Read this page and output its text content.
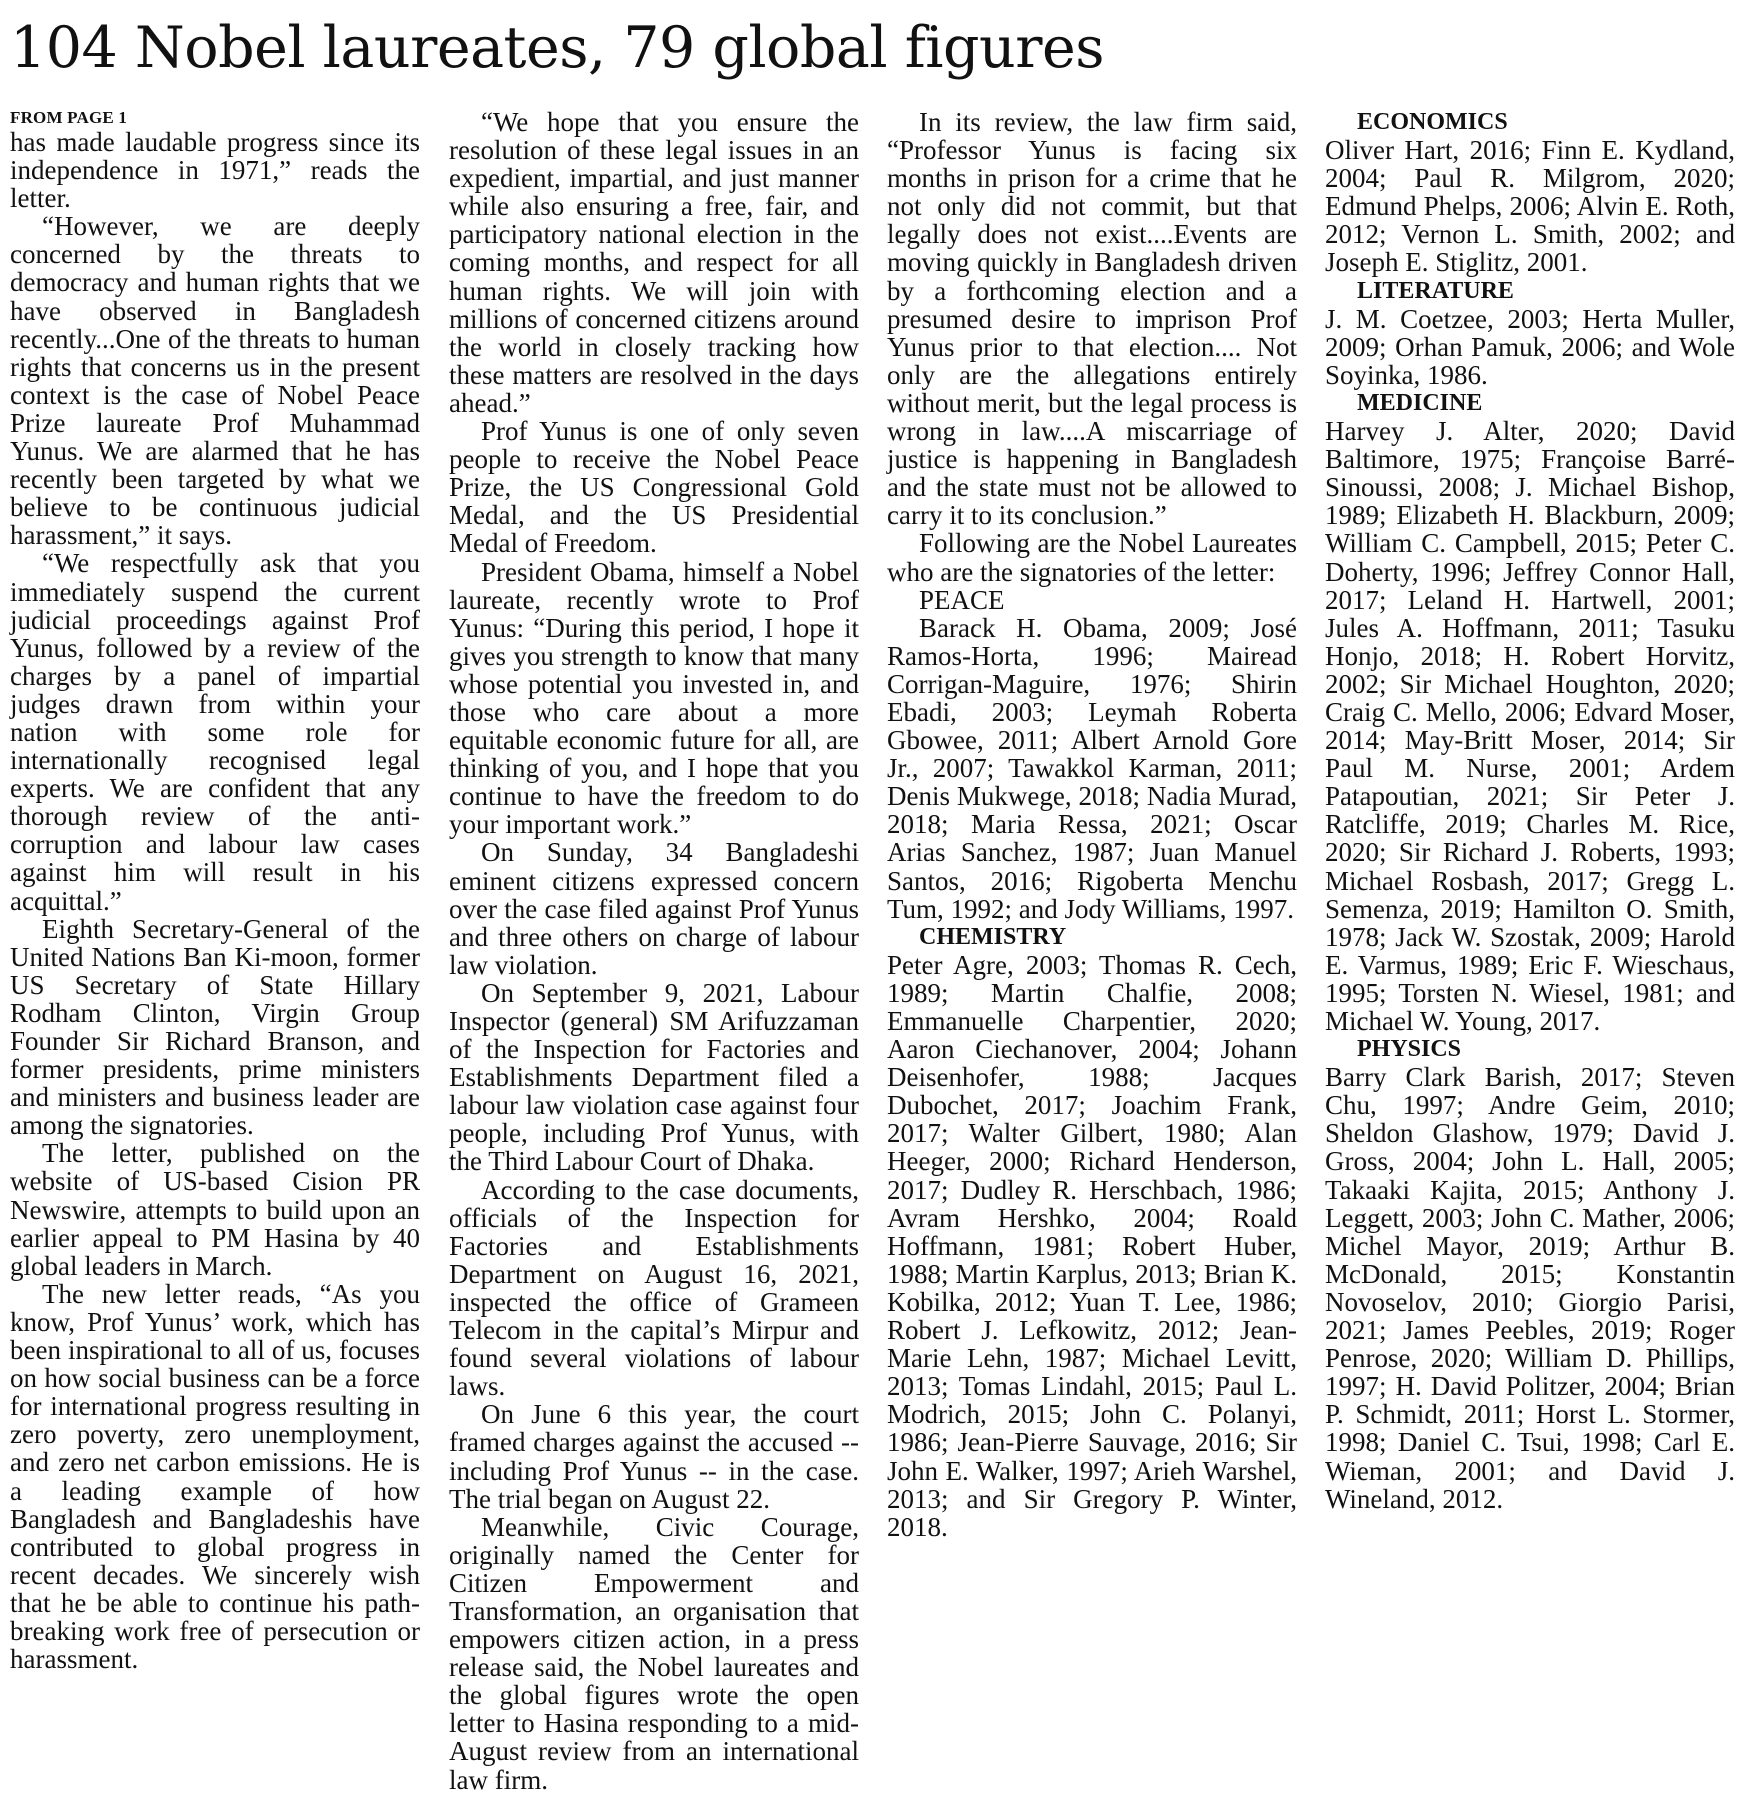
104 Nobel laureates, 79 global figures
FROM PAGE 1

has made laudable progress since its independence in 1971,” reads the letter.

“However, we are deeply concerned by the threats to democracy and human rights that we have observed in Bangladesh recently...One of the threats to human rights that concerns us in the present context is the case of Nobel Peace Prize laureate Prof Muhammad Yunus. We are alarmed that he has recently been targeted by what we believe to be continuous judicial harassment,” it says.

“We respectfully ask that you immediately suspend the current judicial proceedings against Prof Yunus, followed by a review of the charges by a panel of impartial judges drawn from within your nation with some role for internationally recognised legal experts. We are confident that any thorough review of the anti-corruption and labour law cases against him will result in his acquittal.”

Eighth Secretary-General of the United Nations Ban Ki-moon, former US Secretary of State Hillary Rodham Clinton, Virgin Group Founder Sir Richard Branson, and former presidents, prime ministers and ministers and business leader are among the signatories.

The letter, published on the website of US-based Cision PR Newswire, attempts to build upon an earlier appeal to PM Hasina by 40 global leaders in March.

The new letter reads, “As you know, Prof Yunus’ work, which has been inspirational to all of us, focuses on how social business can be a force for international progress resulting in zero poverty, zero unemployment, and zero net carbon emissions. He is a leading example of how Bangladesh and Bangladeshis have contributed to global progress in recent decades. We sincerely wish that he be able to continue his path-breaking work free of persecution or harassment.

“We hope that you ensure the resolution of these legal issues in an expedient, impartial, and just manner while also ensuring a free, fair, and participatory national election in the coming months, and respect for all human rights. We will join with millions of concerned citizens around the world in closely tracking how these matters are resolved in the days ahead.”

Prof Yunus is one of only seven people to receive the Nobel Peace Prize, the US Congressional Gold Medal, and the US Presidential Medal of Freedom.

President Obama, himself a Nobel laureate, recently wrote to Prof Yunus: “During this period, I hope it gives you strength to know that many whose potential you invested in, and those who care about a more equitable economic future for all, are thinking of you, and I hope that you continue to have the freedom to do your important work.”

On Sunday, 34 Bangladeshi eminent citizens expressed concern over the case filed against Prof Yunus and three others on charge of labour law violation.

On September 9, 2021, Labour Inspector (general) SM Arifuzzaman of the Inspection for Factories and Establishments Department filed a labour law violation case against four people, including Prof Yunus, with the Third Labour Court of Dhaka.

According to the case documents, officials of the Inspection for Factories and Establishments Department on August 16, 2021, inspected the office of Grameen Telecom in the capital’s Mirpur and found several violations of labour laws.

On June 6 this year, the court framed charges against the accused -- including Prof Yunus -- in the case. The trial began on August 22.

Meanwhile, Civic Courage, originally named the Center for Citizen Empowerment and Transformation, an organisation that empowers citizen action, in a press release said, the Nobel laureates and the global figures wrote the open letter to Hasina responding to a mid-August review from an international law firm.

In its review, the law firm said, “Professor Yunus is facing six months in prison for a crime that he not only did not commit, but that legally does not exist....Events are moving quickly in Bangladesh driven by a forthcoming election and a presumed desire to imprison Prof Yunus prior to that election.... Not only are the allegations entirely without merit, but the legal process is wrong in law....A miscarriage of justice is happening in Bangladesh and the state must not be allowed to carry it to its conclusion.”

Following are the Nobel Laureates who are the signatories of the letter:

PEACE

Barack H. Obama, 2009; José Ramos-Horta, 1996; Mairead Corrigan-Maguire, 1976; Shirin Ebadi, 2003; Leymah Roberta Gbowee, 2011; Albert Arnold Gore Jr., 2007; Tawakkol Karman, 2011; Denis Mukwege, 2018; Nadia Murad, 2018; Maria Ressa, 2021; Oscar Arias Sanchez, 1987; Juan Manuel Santos, 2016; Rigoberta Menchu Tum, 1992; and Jody Williams, 1997.

CHEMISTRY

Peter Agre, 2003; Thomas R. Cech, 1989; Martin Chalfie, 2008; Emmanuelle Charpentier, 2020; Aaron Ciechanover, 2004; Johann Deisenhofer, 1988; Jacques Dubochet, 2017; Joachim Frank, 2017; Walter Gilbert, 1980; Alan Heeger, 2000; Richard Henderson, 2017; Dudley R. Herschbach, 1986; Avram Hershko, 2004; Roald Hoffmann, 1981; Robert Huber, 1988; Martin Karplus, 2013; Brian K. Kobilka, 2012; Yuan T. Lee, 1986; Robert J. Lefkowitz, 2012; Jean-Marie Lehn, 1987; Michael Levitt, 2013; Tomas Lindahl, 2015; Paul L. Modrich, 2015; John C. Polanyi, 1986; Jean-Pierre Sauvage, 2016; Sir John E. Walker, 1997; Arieh Warshel, 2013; and Sir Gregory P. Winter, 2018.

ECONOMICS

Oliver Hart, 2016; Finn E. Kydland, 2004; Paul R. Milgrom, 2020; Edmund Phelps, 2006; Alvin E. Roth, 2012; Vernon L. Smith, 2002; and Joseph E. Stiglitz, 2001.

LITERATURE

J. M. Coetzee, 2003; Herta Muller, 2009; Orhan Pamuk, 2006; and Wole Soyinka, 1986.

MEDICINE

Harvey J. Alter, 2020; David Baltimore, 1975; Françoise Barré-Sinoussi, 2008; J. Michael Bishop, 1989; Elizabeth H. Blackburn, 2009; William C. Campbell, 2015; Peter C. Doherty, 1996; Jeffrey Connor Hall, 2017; Leland H. Hartwell, 2001; Jules A. Hoffmann, 2011; Tasuku Honjo, 2018; H. Robert Horvitz, 2002; Sir Michael Houghton, 2020; Craig C. Mello, 2006; Edvard Moser, 2014; May-Britt Moser, 2014; Sir Paul M. Nurse, 2001; Ardem Patapoutian, 2021; Sir Peter J. Ratcliffe, 2019; Charles M. Rice, 2020; Sir Richard J. Roberts, 1993; Michael Rosbash, 2017; Gregg L. Semenza, 2019; Hamilton O. Smith, 1978; Jack W. Szostak, 2009; Harold E. Varmus, 1989; Eric F. Wieschaus, 1995; Torsten N. Wiesel, 1981; and Michael W. Young, 2017.

PHYSICS

Barry Clark Barish, 2017; Steven Chu, 1997; Andre Geim, 2010; Sheldon Glashow, 1979; David J. Gross, 2004; John L. Hall, 2005; Takaaki Kajita, 2015; Anthony J. Leggett, 2003; John C. Mather, 2006; Michel Mayor, 2019; Arthur B. McDonald, 2015; Konstantin Novoselov, 2010; Giorgio Parisi, 2021; James Peebles, 2019; Roger Penrose, 2020; William D. Phillips, 1997; H. David Politzer, 2004; Brian P. Schmidt, 2011; Horst L. Stormer, 1998; Daniel C. Tsui, 1998; Carl E. Wieman, 2001; and David J. Wineland, 2012.
